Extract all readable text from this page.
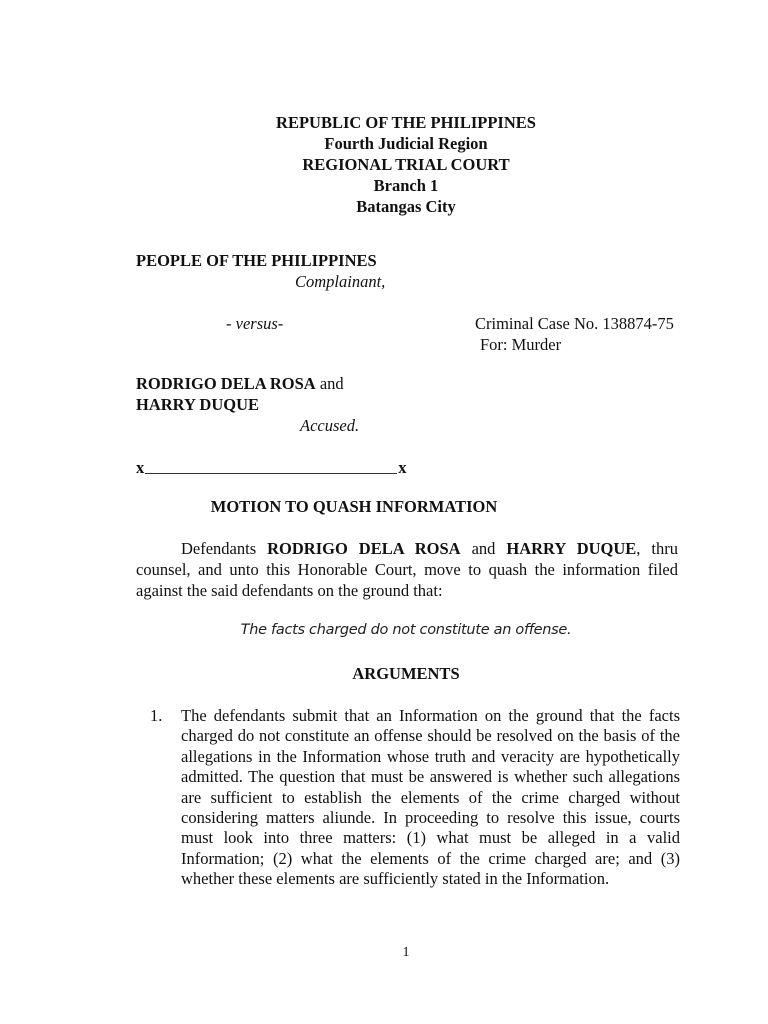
REPUBLIC OF THE PHILIPPINES
Fourth Judicial Region
REGIONAL TRIAL COURT
Branch 1
Batangas City
PEOPLE OF THE PHILIPPINES
Complainant,
- versus-	Criminal Case No. 138874-75
For: Murder
RODRIGO DELA ROSA and
HARRY DUQUE
Accused.
x	x
MOTION TO QUASH INFORMATION

Defendants RODRIGO DELA ROSA and HARRY DUQUE, thru counsel, and unto this Honorable Court, move to quash the information filed against the said defendants on the ground that:

The facts charged do not constitute an offense.
ARGUMENTS
1.	The defendants submit that an Information on the ground that the facts charged do not constitute an offense should be resolved on the basis of the allegations in the Information whose truth and veracity are hypothetically admitted. The question that must be answered is whether such allegations are sufficient to establish the elements of the crime charged without considering matters aliunde. In proceeding to resolve this issue, courts must look into three matters: (1) what must be alleged in a valid Information; (2) what the elements of the crime charged are; and (3) whether these elements are sufficiently stated in the Information.
1
